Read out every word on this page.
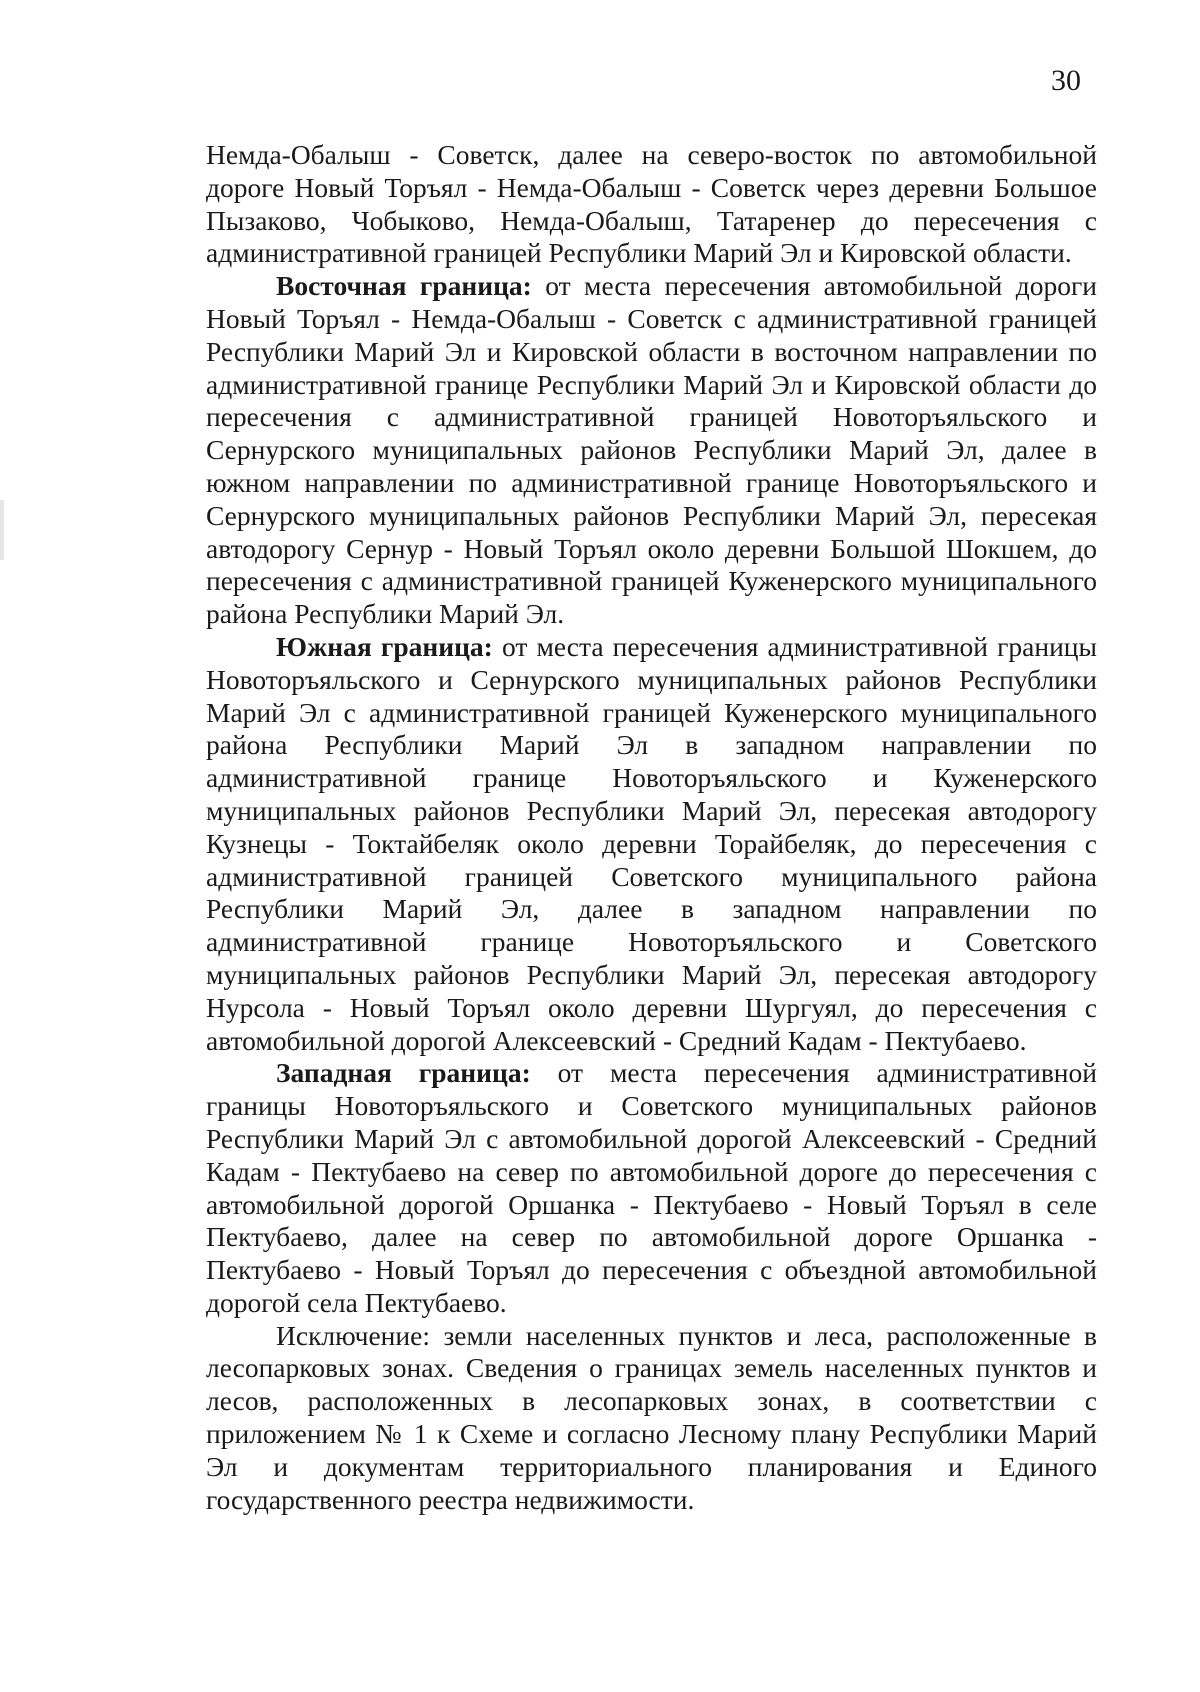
30

Немда-Обалыш - Советск, далее на северо-восток по автомобильной дороге Новый Торъял - Немда-Обалыш - Советск через деревни Большое Пызаково, Чобыково, Немда-Обалыш, Татаренер до пересечения с административной границей Республики Марий Эл и Кировской области.

Восточная граница: от места пересечения автомобильной дороги Новый Торъял - Немда-Обалыш - Советск с административной границей Республики Марий Эл и Кировской области в восточном направлении по административной границе Республики Марий Эл и Кировской области до пересечения с административной границей Новоторъяльского и Сернурского муниципальных районов Республики Марий Эл, далее в южном направлении по административной границе Новоторъяльского и Сернурского муниципальных районов Республики Марий Эл, пересекая автодорогу Сернур - Новый Торъял около деревни Большой Шокшем, до пересечения с административной границей Куженерского муниципального района Республики Марий Эл.

Южная граница: от места пересечения административной границы Новоторъяльского и Сернурского муниципальных районов Республики Марий Эл с административной границей Куженерского муниципального района Республики Марий Эл в западном направлении по административной границе Новоторъяльского и Куженерского муниципальных районов Республики Марий Эл, пересекая автодорогу Кузнецы - Токтайбеляк около деревни Торайбеляк, до пересечения с административной границей Советского муниципального района Республики Марий Эл, далее в западном направлении по административной границе Новоторъяльского и Советского муниципальных районов Республики Марий Эл, пересекая автодорогу Нурсола - Новый Торъял около деревни Шургуял, до пересечения с автомобильной дорогой Алексеевский - Средний Кадам - Пектубаево.

Западная граница: от места пересечения административной границы Новоторъяльского и Советского муниципальных районов Республики Марий Эл с автомобильной дорогой Алексеевский - Средний Кадам - Пектубаево на север по автомобильной дороге до пересечения с автомобильной дорогой Оршанка - Пектубаево - Новый Торъял в селе Пектубаево, далее на север по автомобильной дороге Оршанка - Пектубаево - Новый Торъял до пересечения с объездной автомобильной дорогой села Пектубаево.

Исключение: земли населенных пунктов и леса, расположенные в лесопарковых зонах. Сведения о границах земель населенных пунктов и лесов, расположенных в лесопарковых зонах, в соответствии с приложением № 1 к Схеме и согласно Лесному плану Республики Марий Эл и документам территориального планирования и Единого государственного реестра недвижимости.
